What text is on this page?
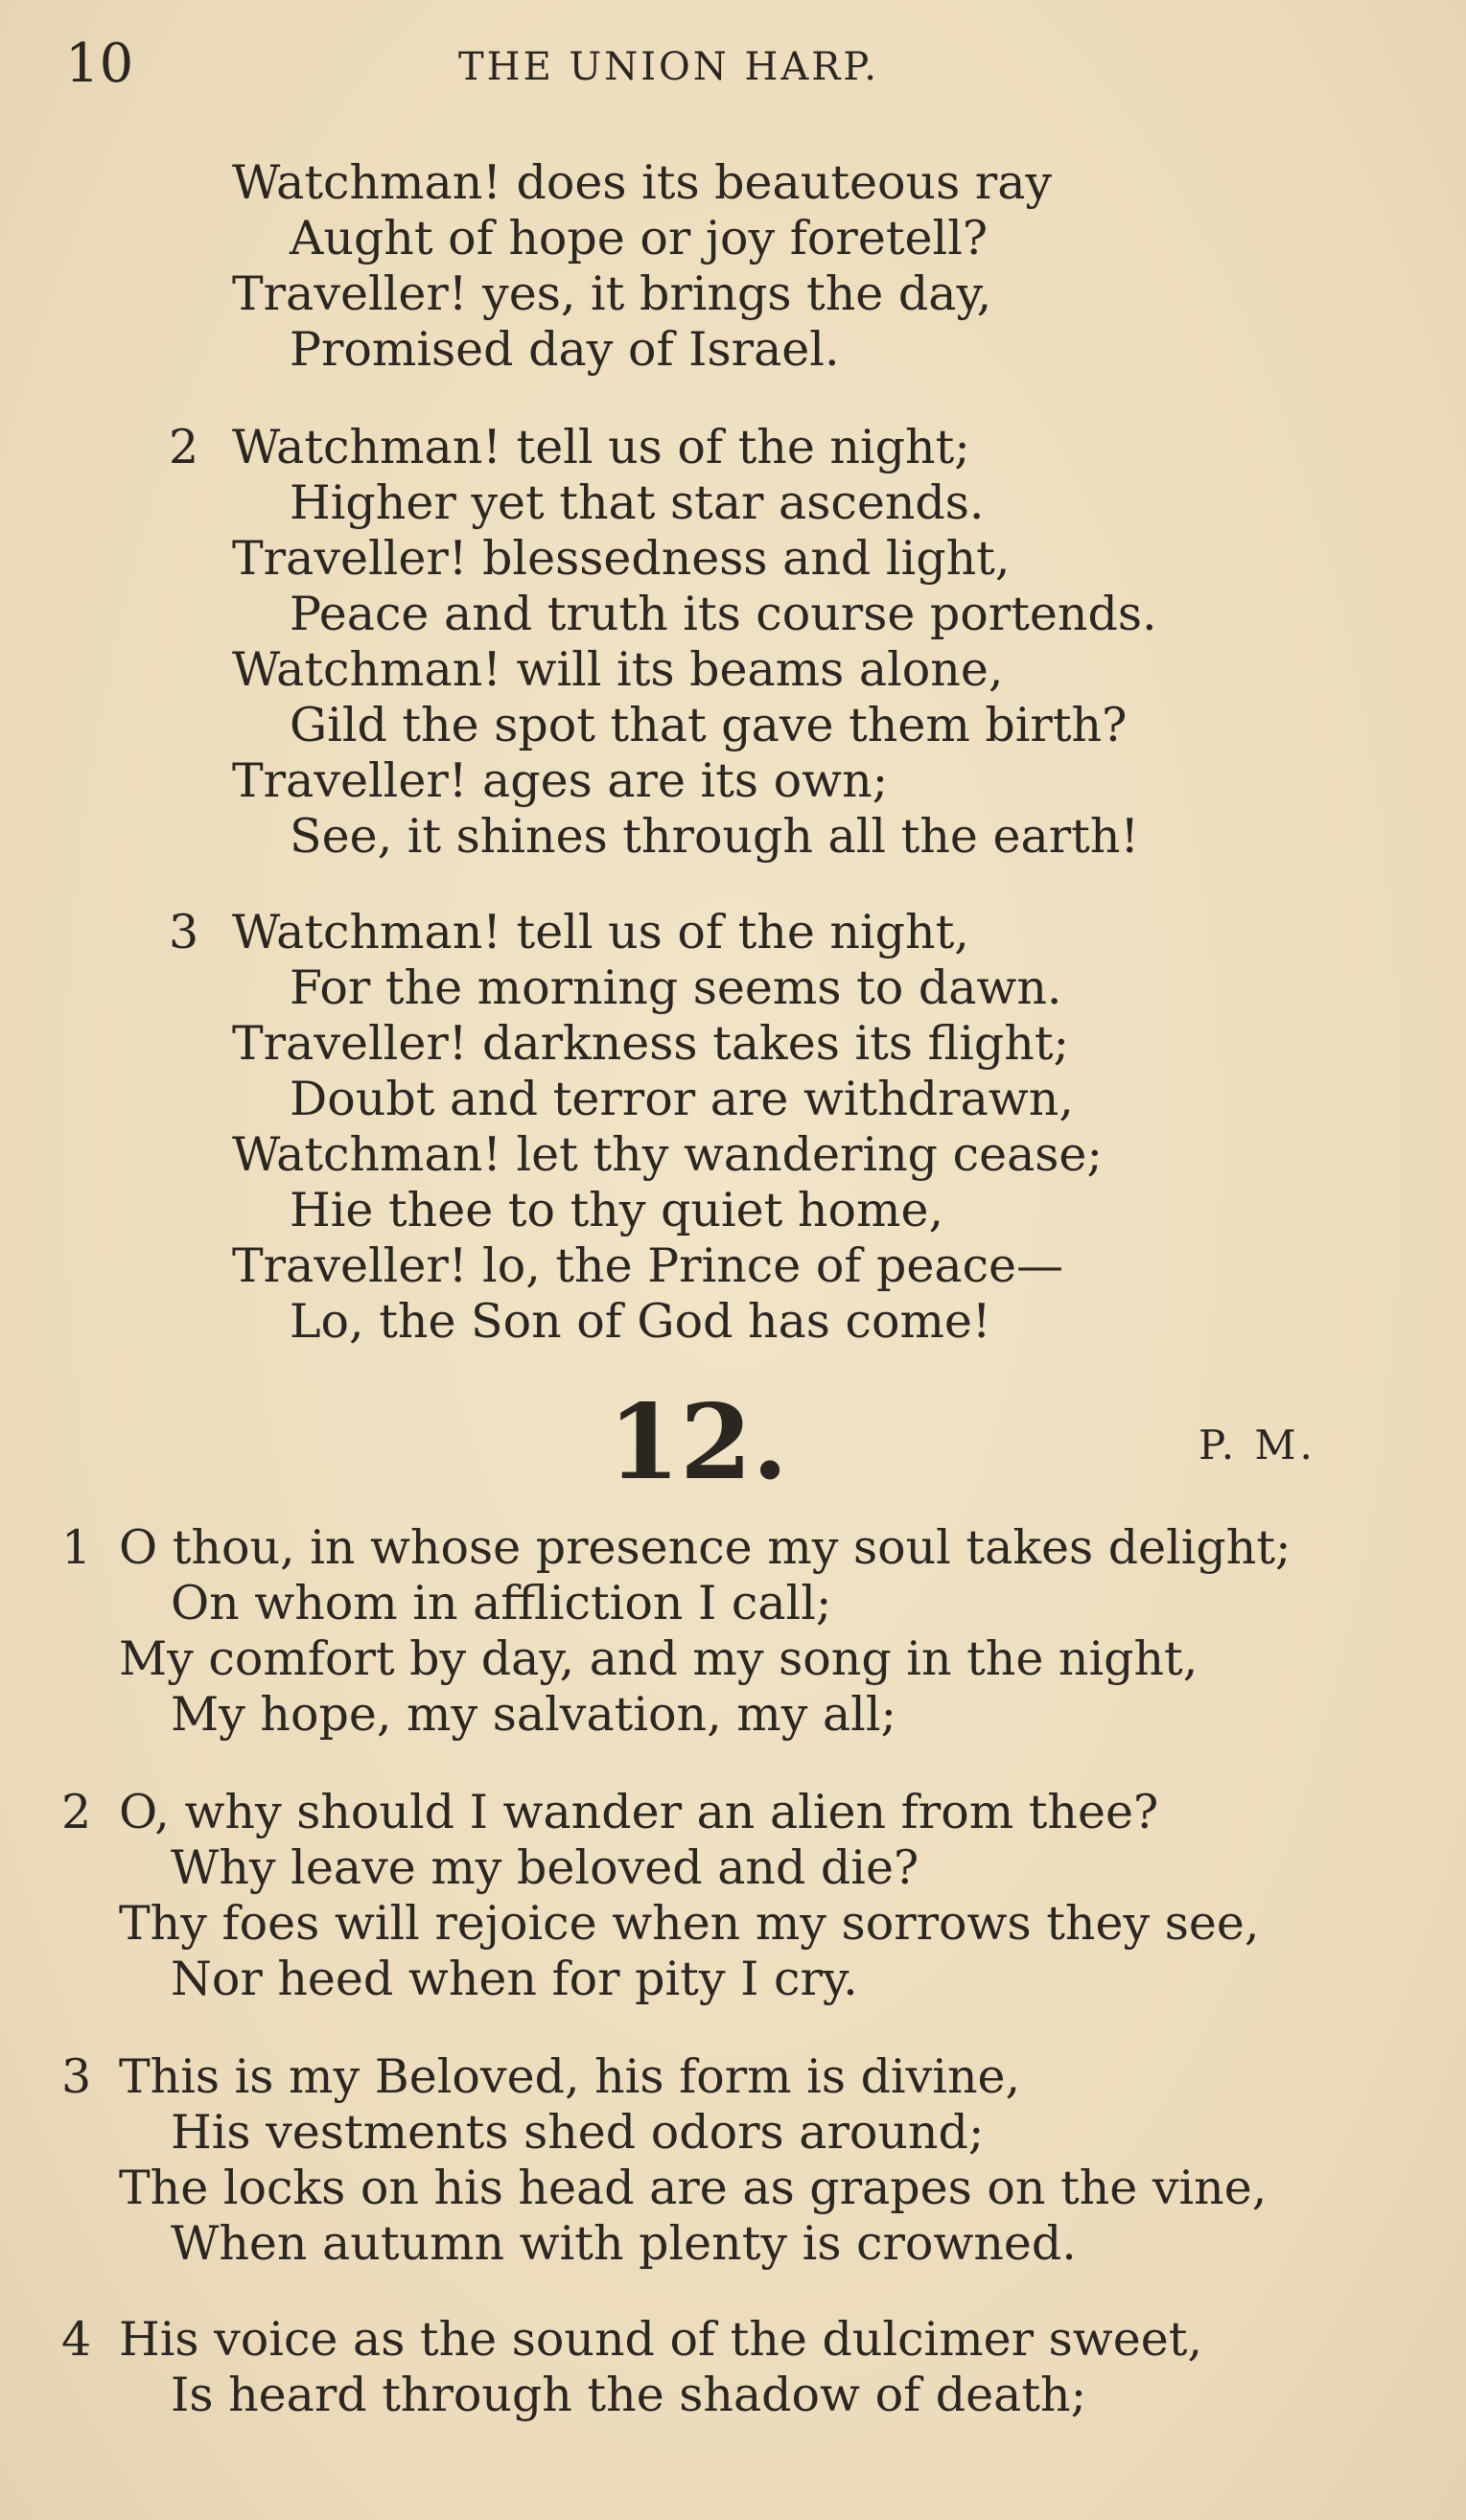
10	THE UNION HARP.
Watchman! does its beauteous ray
Aught of hope or joy foretell?
Traveller! yes, it brings the day,
Promised day of Israel.
2 Watchman! tell us of the night;
Higher yet that star ascends.
Traveller! blessedness and light,
Peace and truth its course portends.
Watchman! will its beams alone,
Gild the spot that gave them birth?
Traveller! ages are its own;
See, it shines through all the earth!
3 Watchman! tell us of the night,
For the morning seems to dawn.
Traveller! darkness takes its flight;
Doubt and terror are withdrawn,
Watchman! let thy wandering cease;
Hie thee to thy quiet home,
Traveller! lo, the Prince of peace—
Lo, the Son of God has come!
12.	P. M.
1 O thou, in whose presence my soul takes delight;
On whom in affliction I call;
My comfort by day, and my song in the night,
My hope, my salvation, my all;
2 O, why should I wander an alien from thee?
Why leave my beloved and die?
Thy foes will rejoice when my sorrows they see,
Nor heed when for pity I cry.
3 This is my Beloved, his form is divine,
His vestments shed odors around;
The locks on his head are as grapes on the vine,
When autumn with plenty is crowned.
4 His voice as the sound of the dulcimer sweet,
Is heard through the shadow of death;
